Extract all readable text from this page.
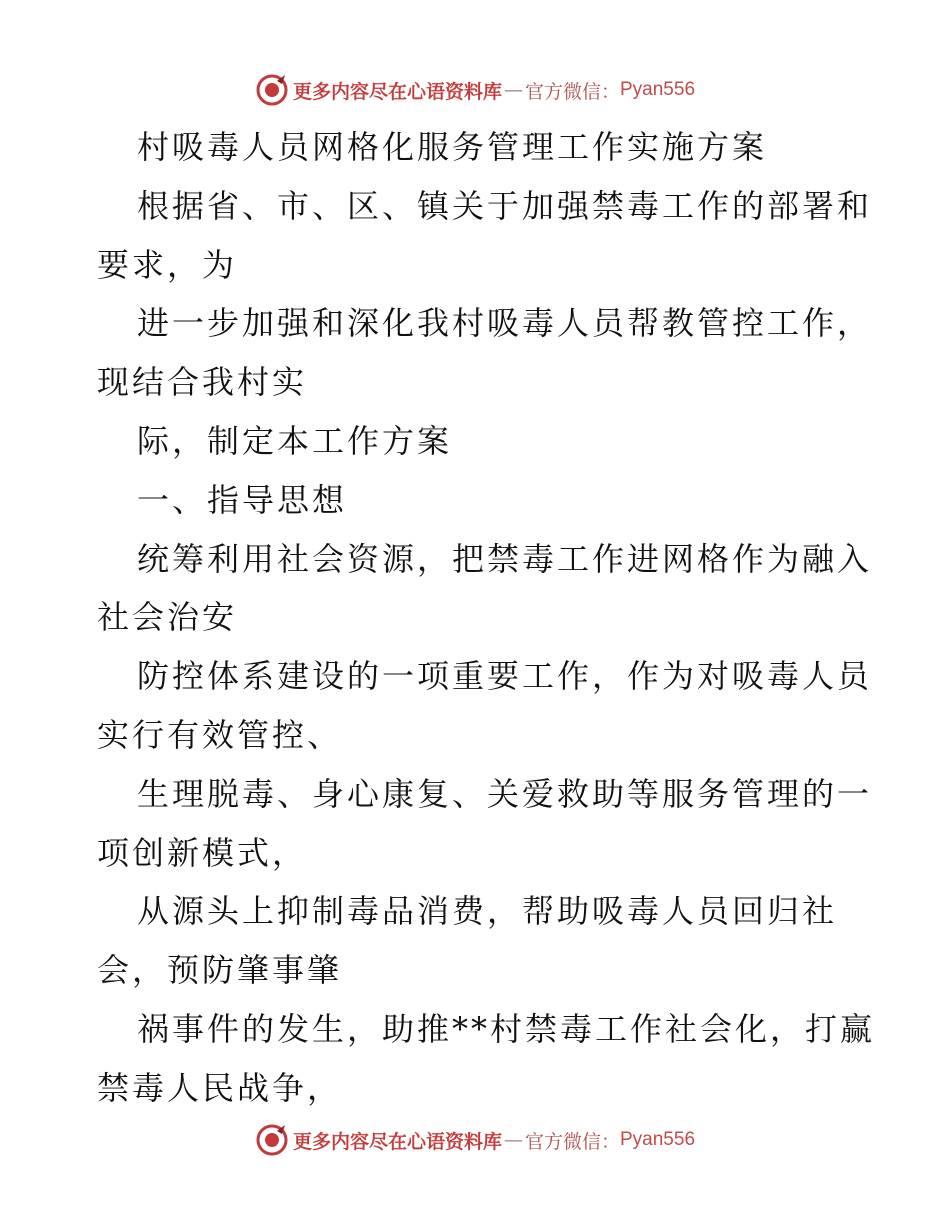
更多内容尽在心语资料库 — 官方微信： Pyan556
村吸毒人员网格化服务管理工作实施方案
根据省、市、区、镇关于加强禁毒工作的部署和
要求，为
进一步加强和深化我村吸毒人员帮教管控工作，
现结合我村实
际，制定本工作方案
一、指导思想
统筹利用社会资源，把禁毒工作进网格作为融入
社会治安
防控体系建设的一项重要工作，作为对吸毒人员
实行有效管控、
生理脱毒、身心康复、关爱救助等服务管理的一
项创新模式，
从源头上抑制毒品消费，帮助吸毒人员回归社
会，预防肇事肇
祸事件的发生，助推**村禁毒工作社会化，打赢
禁毒人民战争，
更多内容尽在心语资料库 — 官方微信： Pyan556
